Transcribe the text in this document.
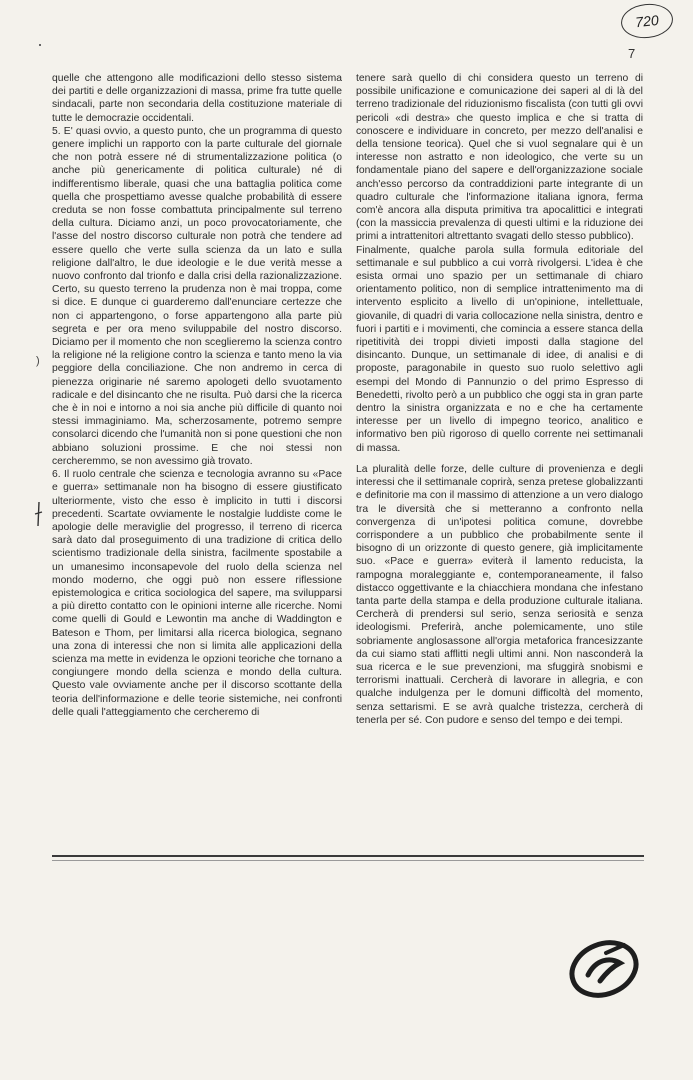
720
7

quelle che attengono alle modificazioni dello stesso sistema dei partiti e delle organizzazioni di massa, prime fra tutte quelle sindacali, parte non secondaria della costituzione materiale di tutte le democrazie occidentali.

5. E' quasi ovvio, a questo punto, che un programma di questo genere implichi un rapporto con la parte culturale del giornale che non potrà essere né di strumentalizzazione politica (o anche più genericamente di politica culturale) né di indifferentismo liberale, quasi che una battaglia politica come quella che prospettiamo avesse qualche probabilità di essere creduta se non fosse combattuta principalmente sul terreno della cultura. Diciamo anzi, un poco provocatoriamente, che l'asse del nostro discorso culturale non potrà che tendere ad essere quello che verte sulla scienza da un lato e sulla religione dall'altro, le due ideologie e le due verità messe a nuovo confronto dal trionfo e dalla crisi della razionalizzazione. Certo, su questo terreno la prudenza non è mai troppa, come si dice. E dunque ci guarderemo dall'enunciare certezze che non ci appartengono, o forse appartengono alla parte più segreta e per ora meno sviluppabile del nostro discorso. Diciamo per il momento che non sceglieremo la scienza contro la religione né la religione contro la scienza e tanto meno la via peggiore della conciliazione. Che non andremo in cerca di pienezza originarie né saremo apologeti dello svuotamento radicale e del disincanto che ne risulta. Può darsi che la ricerca che è in noi e intorno a noi sia anche più difficile di quanto noi stessi immaginiamo. Ma, scherzosamente, potremo sempre consolarci dicendo che l'umanità non si pone questioni che non abbiano soluzioni prossime. E che noi stessi non cercheremmo, se non avessimo già trovato.

6. Il ruolo centrale che scienza e tecnologia avranno su «Pace e guerra» settimanale non ha bisogno di essere giustificato ulteriormente, visto che esso è implicito in tutti i discorsi precedenti. Scartate ovviamente le nostalgie luddiste come le apologie delle meraviglie del progresso, il terreno di ricerca sarà dato dal proseguimento di una tradizione di critica dello scientismo tradizionale della sinistra, facilmente spostabile a un umanesimo inconsapevole del ruolo della scienza nel mondo moderno, che oggi può non essere riflessione epistemologica e critica sociologica del sapere, ma svilupparsi a più diretto contatto con le opinioni interne alle ricerche. Nomi come quelli di Gould e Lewontin ma anche di Waddington e Bateson e Thom, per limitarsi alla ricerca biologica, segnano una zona di interessi che non si limita alle applicazioni della scienza ma mette in evidenza le opzioni teoriche che tornano a congiungere mondo della scienza e mondo della cultura. Questo vale ovviamente anche per il discorso scottante della teoria dell'informazione e delle teorie sistemiche, nei confronti delle quali l'atteggiamento che cercheremo di

tenere sarà quello di chi considera questo un terreno di possibile unificazione e comunicazione dei saperi al di là del terreno tradizionale del riduzionismo fiscalista (con tutti gli ovvi pericoli «di destra» che questo implica e che si tratta di conoscere e individuare in concreto, per mezzo dell'analisi e della tensione teorica). Quel che si vuol segnalare qui è un interesse non astratto e non ideologico, che verte su un fondamentale piano del sapere e dell'organizzazione sociale anch'esso percorso da contraddizioni parte integrante di un quadro culturale che l'informazione italiana ignora, ferma com'è ancora alla disputa primitiva tra apocalittici e integrati (con la massiccia prevalenza di questi ultimi e la riduzione dei primi a intrattenitori altrettanto svagati dello stesso pubblico).

Finalmente, qualche parola sulla formula editoriale del settimanale e sul pubblico a cui vorrà rivolgersi. L'idea è che esista ormai uno spazio per un settimanale di chiaro orientamento politico, non di semplice intrattenimento ma di intervento esplicito a livello di un'opinione, intellettuale, giovanile, di quadri di varia collocazione nella sinistra, dentro e fuori i partiti e i movimenti, che comincia a essere stanca della ripetitività dei troppi divieti imposti dalla stagione del disincanto. Dunque, un settimanale di idee, di analisi e di proposte, paragonabile in questo suo ruolo selettivo agli esempi del Mondo di Pannunzio o del primo Espresso di Benedetti, rivolto però a un pubblico che oggi sta in gran parte dentro la sinistra organizzata e no e che ha certamente interesse per un livello di impegno teorico, analitico e informativo ben più rigoroso di quello corrente nei settimanali di massa.

La pluralità delle forze, delle culture di provenienza e degli interessi che il settimanale coprirà, senza pretese globalizzanti e definitorie ma con il massimo di attenzione a un vero dialogo tra le diversità che si metteranno a confronto nella convergenza di un'ipotesi politica comune, dovrebbe corrispondere a un pubblico che probabilmente sente il bisogno di un orizzonte di questo genere, già implicitamente suo. «Pace e guerra» eviterà il lamento reducista, la rampogna moraleggiante e, contemporaneamente, il falso distacco oggettivante e la chiacchiera mondana che infestano tanta parte della stampa e della produzione culturale italiana. Cercherà di prendersi sul serio, senza seriosità e senza ideologismi. Preferirà, anche polemicamente, uno stile sobriamente anglosassone all'orgia metaforica francesizzante da cui siamo stati afflitti negli ultimi anni. Non nasconderà la sua ricerca e le sue prevenzioni, ma sfuggirà snobismi e terrorismi inattuali. Cercherà di lavorare in allegria, e con qualche indulgenza per le domuni difficoltà del momento, senza settarismi. E se avrà qualche tristezza, cercherà di tenerla per sé. Con pudore e senso del tempo e dei tempi.

)
